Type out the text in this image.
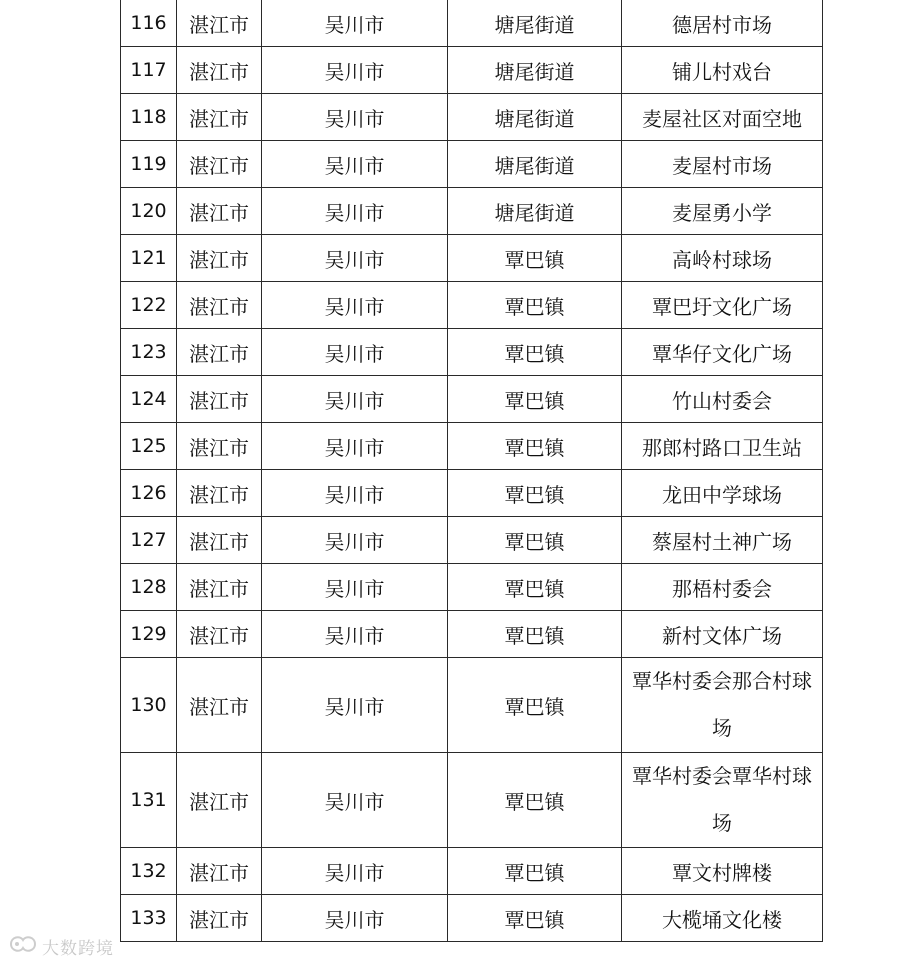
116	湛江市	吴川市	塘尾街道	德居村市场
117	湛江市	吴川市	塘尾街道	铺儿村戏台
118	湛江市	吴川市	塘尾街道	麦屋社区对面空地
119	湛江市	吴川市	塘尾街道	麦屋村市场
120	湛江市	吴川市	塘尾街道	麦屋勇小学
121	湛江市	吴川市	覃巴镇	高岭村球场
122	湛江市	吴川市	覃巴镇	覃巴圩文化广场
123	湛江市	吴川市	覃巴镇	覃华仔文化广场
124	湛江市	吴川市	覃巴镇	竹山村委会
125	湛江市	吴川市	覃巴镇	那郎村路口卫生站
126	湛江市	吴川市	覃巴镇	龙田中学球场
127	湛江市	吴川市	覃巴镇	蔡屋村土神广场
128	湛江市	吴川市	覃巴镇	那梧村委会
129	湛江市	吴川市	覃巴镇	新村文体广场
130	湛江市	吴川市	覃巴镇	覃华村委会那合村球场
131	湛江市	吴川市	覃巴镇	覃华村委会覃华村球场
132	湛江市	吴川市	覃巴镇	覃文村牌楼
133	湛江市	吴川市	覃巴镇	大榄埇文化楼
大数跨境
